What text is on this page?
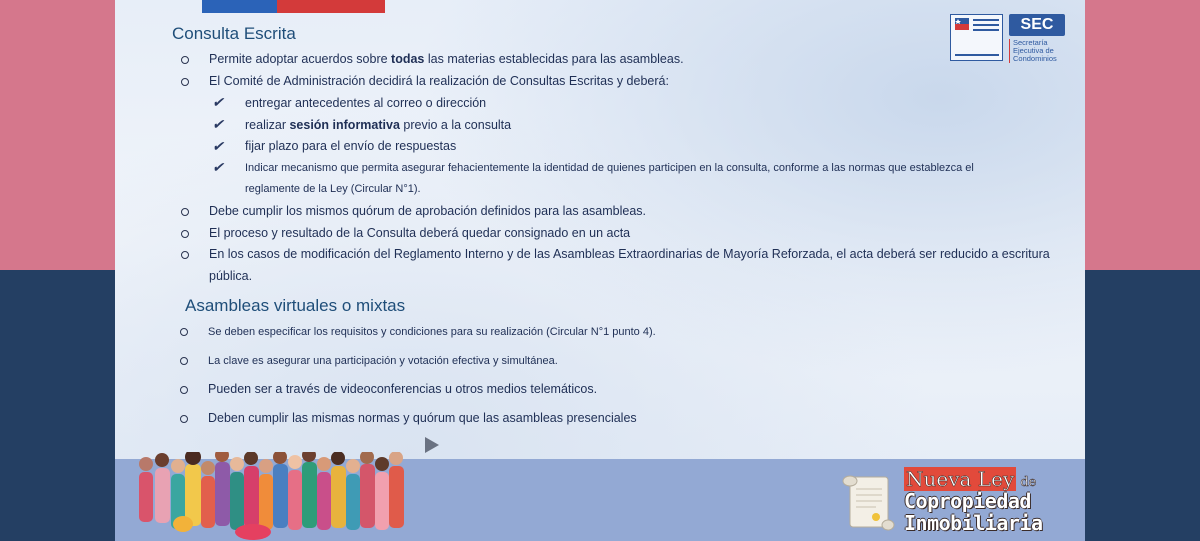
SEC
Secretaría
Ejecutiva de
Condominios
Consulta Escrita
Permite adoptar acuerdos sobre todas las materias establecidas para las asambleas.
El Comité de Administración decidirá la realización de Consultas Escritas y deberá:
✔ entregar antecedentes al correo o dirección
✔ realizar sesión informativa previo a la consulta
✔ fijar plazo para el envío de respuestas
✔ Indicar mecanismo que permita asegurar fehacientemente la identidad de quienes participen en la consulta, conforme a las normas que establezca el
reglamente de la Ley (Circular N°1).
Debe cumplir los mismos quórum de aprobación definidos para las asambleas.
El proceso y resultado de la Consulta deberá quedar consignado en un acta
En los casos de modificación del Reglamento Interno y de las Asambleas Extraordinarias de Mayoría Reforzada, el acta deberá ser reducido a escritura
pública.
Asambleas virtuales o mixtas
Se deben especificar los requisitos y condiciones para su realización (Circular N°1 punto 4).
La clave es asegurar una participación y votación efectiva y simultánea.
Pueden ser a través de videoconferencias u otros medios telemáticos.
Deben cumplir las mismas normas y quórum que las asambleas presenciales
Nueva Ley de
Copropiedad
Inmobiliaria
